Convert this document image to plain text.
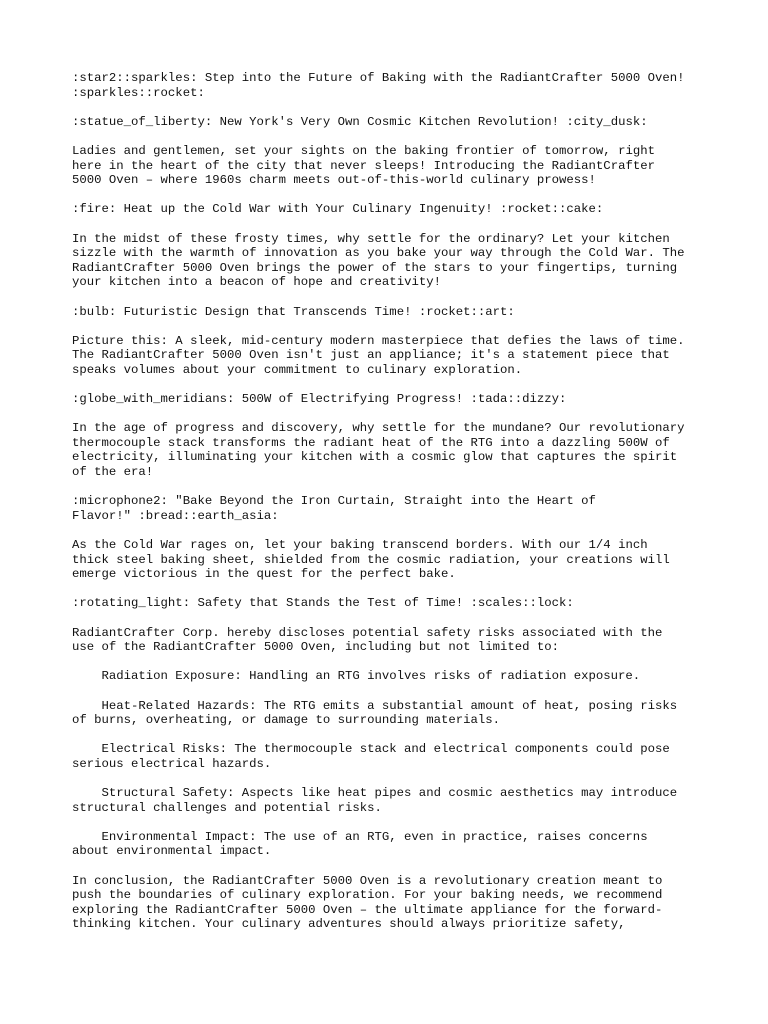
:star2::sparkles: Step into the Future of Baking with the RadiantCrafter 5000 Oven!
:sparkles::rocket:

:statue_of_liberty: New York's Very Own Cosmic Kitchen Revolution! :city_dusk:

Ladies and gentlemen, set your sights on the baking frontier of tomorrow, right
here in the heart of the city that never sleeps! Introducing the RadiantCrafter
5000 Oven – where 1960s charm meets out-of-this-world culinary prowess!

:fire: Heat up the Cold War with Your Culinary Ingenuity! :rocket::cake:

In the midst of these frosty times, why settle for the ordinary? Let your kitchen
sizzle with the warmth of innovation as you bake your way through the Cold War. The
RadiantCrafter 5000 Oven brings the power of the stars to your fingertips, turning
your kitchen into a beacon of hope and creativity!

:bulb: Futuristic Design that Transcends Time! :rocket::art:

Picture this: A sleek, mid-century modern masterpiece that defies the laws of time.
The RadiantCrafter 5000 Oven isn't just an appliance; it's a statement piece that
speaks volumes about your commitment to culinary exploration.

:globe_with_meridians: 500W of Electrifying Progress! :tada::dizzy:

In the age of progress and discovery, why settle for the mundane? Our revolutionary
thermocouple stack transforms the radiant heat of the RTG into a dazzling 500W of
electricity, illuminating your kitchen with a cosmic glow that captures the spirit
of the era!

:microphone2: "Bake Beyond the Iron Curtain, Straight into the Heart of
Flavor!" :bread::earth_asia:

As the Cold War rages on, let your baking transcend borders. With our 1/4 inch
thick steel baking sheet, shielded from the cosmic radiation, your creations will
emerge victorious in the quest for the perfect bake.

:rotating_light: Safety that Stands the Test of Time! :scales::lock:

RadiantCrafter Corp. hereby discloses potential safety risks associated with the
use of the RadiantCrafter 5000 Oven, including but not limited to:

Radiation Exposure: Handling an RTG involves risks of radiation exposure.

Heat-Related Hazards: The RTG emits a substantial amount of heat, posing risks
of burns, overheating, or damage to surrounding materials.

Electrical Risks: The thermocouple stack and electrical components could pose
serious electrical hazards.

Structural Safety: Aspects like heat pipes and cosmic aesthetics may introduce
structural challenges and potential risks.

Environmental Impact: The use of an RTG, even in practice, raises concerns
about environmental impact.

In conclusion, the RadiantCrafter 5000 Oven is a revolutionary creation meant to
push the boundaries of culinary exploration. For your baking needs, we recommend
exploring the RadiantCrafter 5000 Oven – the ultimate appliance for the forward-
thinking kitchen. Your culinary adventures should always prioritize safety,
